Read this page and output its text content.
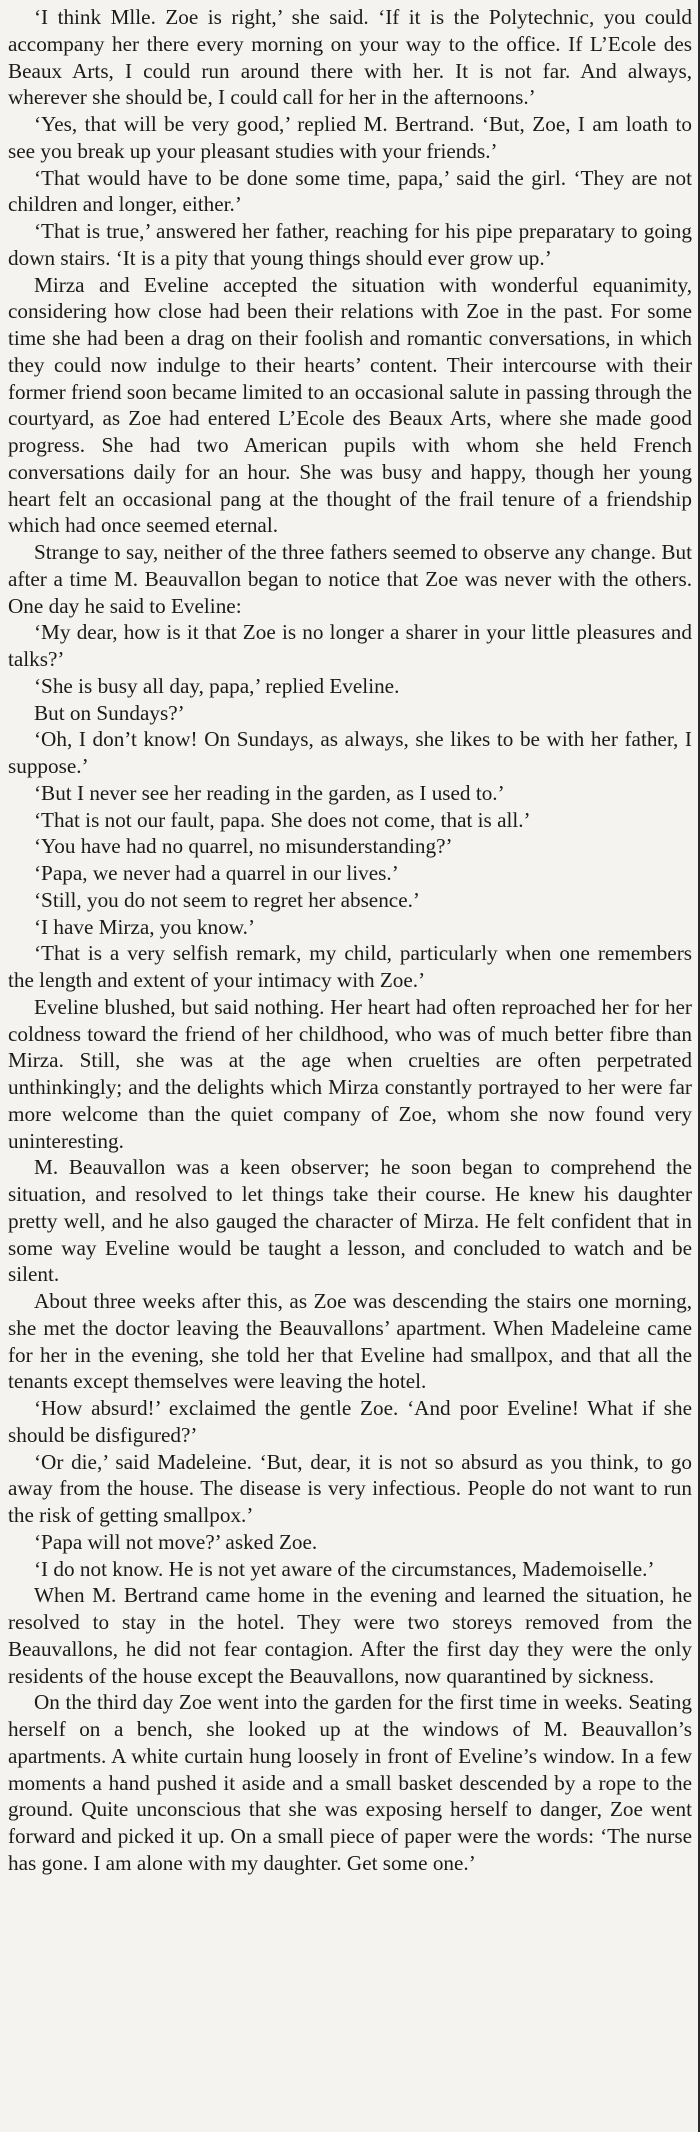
‘I think Mlle. Zoe is right,’ she said. ‘If it is the Polytechnic, you could accompany her there every morning on your way to the office. If L’Ecole des Beaux Arts, I could run around there with her. It is not far. And always, wherever she should be, I could call for her in the afternoons.’

‘Yes, that will be very good,’ replied M. Bertrand. ‘But, Zoe, I am loath to see you break up your pleasant studies with your friends.’

‘That would have to be done some time, papa,’ said the girl. ‘They are not children and longer, either.’

‘That is true,’ answered her father, reaching for his pipe preparatary to going down stairs. ‘It is a pity that young things should ever grow up.’

Mirza and Eveline accepted the situation with wonderful equanimity, considering how close had been their relations with Zoe in the past. For some time she had been a drag on their foolish and romantic conversations, in which they could now indulge to their hearts’ content. Their intercourse with their former friend soon became limited to an occasional salute in passing through the courtyard, as Zoe had entered L’Ecole des Beaux Arts, where she made good progress. She had two American pupils with whom she held French conversations daily for an hour. She was busy and happy, though her young heart felt an occasional pang at the thought of the frail tenure of a friendship which had once seemed eternal.

Strange to say, neither of the three fathers seemed to observe any change. But after a time M. Beauvallon began to notice that Zoe was never with the others. One day he said to Eveline:

‘My dear, how is it that Zoe is no longer a sharer in your little pleasures and talks?’

‘She is busy all day, papa,’ replied Eveline.

But on Sundays?’

‘Oh, I don’t know! On Sundays, as always, she likes to be with her father, I suppose.’

‘But I never see her reading in the garden, as I used to.’

‘That is not our fault, papa. She does not come, that is all.’

‘You have had no quarrel, no misunderstanding?’

‘Papa, we never had a quarrel in our lives.’

‘Still, you do not seem to regret her absence.’

‘I have Mirza, you know.’

‘That is a very selfish remark, my child, particularly when one remembers the length and extent of your intimacy with Zoe.’

Eveline blushed, but said nothing. Her heart had often reproached her for her coldness toward the friend of her childhood, who was of much better fibre than Mirza. Still, she was at the age when cruelties are often perpetrated unthinkingly; and the delights which Mirza constantly portrayed to her were far more welcome than the quiet company of Zoe, whom she now found very uninteresting.

M. Beauvallon was a keen observer; he soon began to comprehend the situation, and resolved to let things take their course. He knew his daughter pretty well, and he also gauged the character of Mirza. He felt confident that in some way Eveline would be taught a lesson, and concluded to watch and be silent.

About three weeks after this, as Zoe was descending the stairs one morning, she met the doctor leaving the Beauvallons’ apartment. When Madeleine came for her in the evening, she told her that Eveline had smallpox, and that all the tenants except themselves were leaving the hotel.

‘How absurd!’ exclaimed the gentle Zoe. ‘And poor Eveline! What if she should be disfigured?’

‘Or die,’ said Madeleine. ‘But, dear, it is not so absurd as you think, to go away from the house. The disease is very infectious. People do not want to run the risk of getting smallpox.’

‘Papa will not move?’ asked Zoe.

‘I do not know. He is not yet aware of the circumstances, Mademoiselle.’

When M. Bertrand came home in the evening and learned the situation, he resolved to stay in the hotel. They were two storeys removed from the Beauvallons, he did not fear contagion. After the first day they were the only residents of the house except the Beauvallons, now quarantined by sickness.

On the third day Zoe went into the garden for the first time in weeks. Seating herself on a bench, she looked up at the windows of M. Beauvallon’s apartments. A white curtain hung loosely in front of Eveline’s window. In a few moments a hand pushed it aside and a small basket descended by a rope to the ground. Quite unconscious that she was exposing herself to danger, Zoe went forward and picked it up. On a small piece of paper were the words: ‘The nurse has gone. I am alone with my daughter. Get some one.’
